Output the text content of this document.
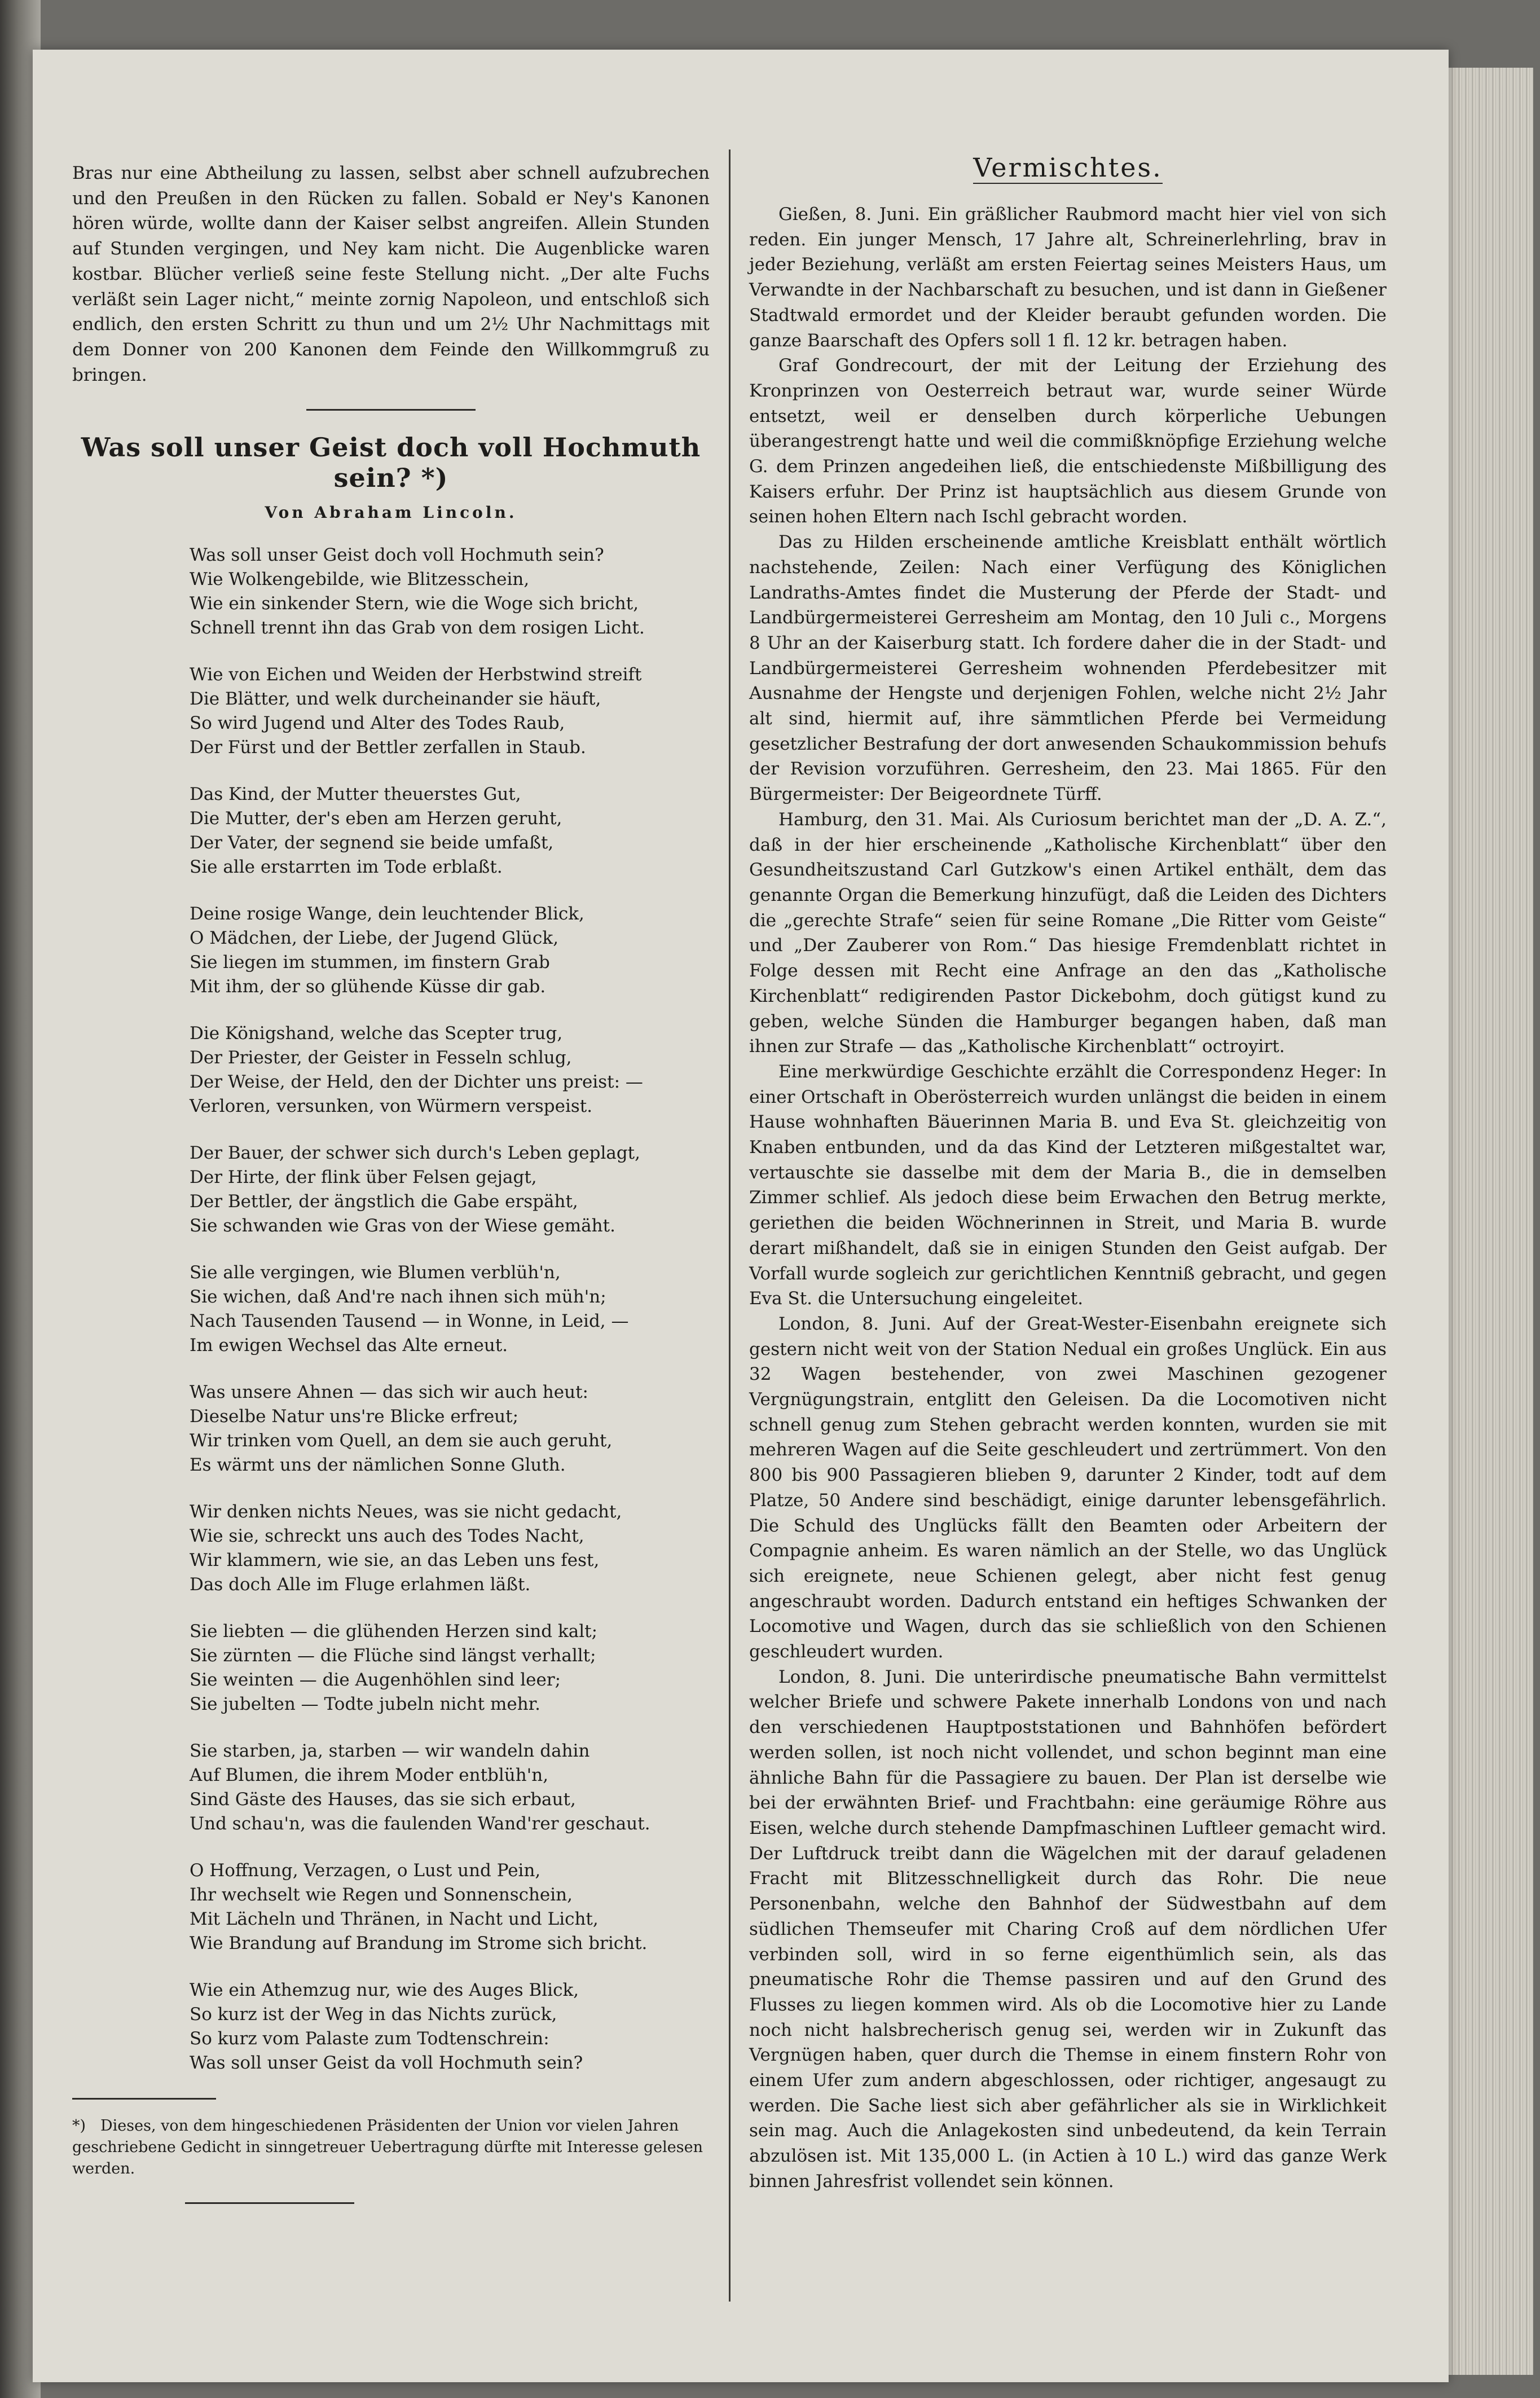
Bras nur eine Abtheilung zu lassen, selbst aber schnell aufzubrechen und den Preußen in den Rücken zu fallen. Sobald er Ney's Kanonen hören würde, wollte dann der Kaiser selbst angreifen. Allein Stunden auf Stunden vergingen, und Ney kam nicht. Die Augenblicke waren kostbar. Blücher verließ seine feste Stellung nicht. „Der alte Fuchs verläßt sein Lager nicht,“ meinte zornig Napoleon, und entschloß sich endlich, den ersten Schritt zu thun und um 2½ Uhr Nachmittags mit dem Donner von 200 Kanonen dem Feinde den Willkommgruß zu bringen.

Was soll unser Geist doch voll Hochmuth sein? *)
Von Abraham Lincoln.
Was soll unser Geist doch voll Hochmuth sein?
Wie Wolkengebilde, wie Blitzesschein,
Wie ein sinkender Stern, wie die Woge sich bricht,
Schnell trennt ihn das Grab von dem rosigen Licht.
Wie von Eichen und Weiden der Herbstwind streift
Die Blätter, und welk durcheinander sie häuft,
So wird Jugend und Alter des Todes Raub,
Der Fürst und der Bettler zerfallen in Staub.
Das Kind, der Mutter theuerstes Gut,
Die Mutter, der's eben am Herzen geruht,
Der Vater, der segnend sie beide umfaßt,
Sie alle erstarrten im Tode erblaßt.
Deine rosige Wange, dein leuchtender Blick,
O Mädchen, der Liebe, der Jugend Glück,
Sie liegen im stummen, im finstern Grab
Mit ihm, der so glühende Küsse dir gab.
Die Königshand, welche das Scepter trug,
Der Priester, der Geister in Fesseln schlug,
Der Weise, der Held, den der Dichter uns preist: —
Verloren, versunken, von Würmern verspeist.
Der Bauer, der schwer sich durch's Leben geplagt,
Der Hirte, der flink über Felsen gejagt,
Der Bettler, der ängstlich die Gabe erspäht,
Sie schwanden wie Gras von der Wiese gemäht.
Sie alle vergingen, wie Blumen verblüh'n,
Sie wichen, daß And're nach ihnen sich müh'n;
Nach Tausenden Tausend — in Wonne, in Leid, —
Im ewigen Wechsel das Alte erneut.
Was unsere Ahnen — das sich wir auch heut:
Dieselbe Natur uns're Blicke erfreut;
Wir trinken vom Quell, an dem sie auch geruht,
Es wärmt uns der nämlichen Sonne Gluth.
Wir denken nichts Neues, was sie nicht gedacht,
Wie sie, schreckt uns auch des Todes Nacht,
Wir klammern, wie sie, an das Leben uns fest,
Das doch Alle im Fluge erlahmen läßt.
Sie liebten — die glühenden Herzen sind kalt;
Sie zürnten — die Flüche sind längst verhallt;
Sie weinten — die Augenhöhlen sind leer;
Sie jubelten — Todte jubeln nicht mehr.
Sie starben, ja, starben — wir wandeln dahin
Auf Blumen, die ihrem Moder entblüh'n,
Sind Gäste des Hauses, das sie sich erbaut,
Und schau'n, was die faulenden Wand'rer geschaut.
O Hoffnung, Verzagen, o Lust und Pein,
Ihr wechselt wie Regen und Sonnenschein,
Mit Lächeln und Thränen, in Nacht und Licht,
Wie Brandung auf Brandung im Strome sich bricht.
Wie ein Athemzug nur, wie des Auges Blick,
So kurz ist der Weg in das Nichts zurück,
So kurz vom Palaste zum Todtenschrein:
Was soll unser Geist da voll Hochmuth sein?
*) Dieses, von dem hingeschiedenen Präsidenten der Union vor vielen Jahren geschriebene Gedicht in sinngetreuer Uebertragung dürfte mit Interesse gelesen werden.
Vermischtes.

Gießen, 8. Juni. Ein gräßlicher Raubmord macht hier viel von sich reden. Ein junger Mensch, 17 Jahre alt, Schreinerlehrling, brav in jeder Beziehung, verläßt am ersten Feiertag seines Meisters Haus, um Verwandte in der Nachbarschaft zu besuchen, und ist dann in Gießener Stadtwald ermordet und der Kleider beraubt gefunden worden. Die ganze Baarschaft des Opfers soll 1 fl. 12 kr. betragen haben.

Graf Gondrecourt, der mit der Leitung der Erziehung des Kronprinzen von Oesterreich betraut war, wurde seiner Würde entsetzt, weil er denselben durch körperliche Uebungen überangestrengt hatte und weil die commißknöpfige Erziehung welche G. dem Prinzen angedeihen ließ, die entschiedenste Mißbilligung des Kaisers erfuhr. Der Prinz ist hauptsächlich aus diesem Grunde von seinen hohen Eltern nach Ischl gebracht worden.

Das zu Hilden erscheinende amtliche Kreisblatt enthält wörtlich nachstehende, Zeilen: Nach einer Verfügung des Königlichen Landraths-Amtes findet die Musterung der Pferde der Stadt- und Landbürgermeisterei Gerresheim am Montag, den 10 Juli c., Morgens 8 Uhr an der Kaiserburg statt. Ich fordere daher die in der Stadt- und Landbürgermeisterei Gerresheim wohnenden Pferdebesitzer mit Ausnahme der Hengste und derjenigen Fohlen, welche nicht 2½ Jahr alt sind, hiermit auf, ihre sämmtlichen Pferde bei Vermeidung gesetzlicher Bestrafung der dort anwesenden Schaukommission behufs der Revision vorzuführen. Gerresheim, den 23. Mai 1865. Für den Bürgermeister: Der Beigeordnete Türff.

Hamburg, den 31. Mai. Als Curiosum berichtet man der „D. A. Z.“, daß in der hier erscheinende „Katholische Kirchenblatt“ über den Gesundheitszustand Carl Gutzkow's einen Artikel enthält, dem das genannte Organ die Bemerkung hinzufügt, daß die Leiden des Dichters die „gerechte Strafe“ seien für seine Romane „Die Ritter vom Geiste“ und „Der Zauberer von Rom.“ Das hiesige Fremdenblatt richtet in Folge dessen mit Recht eine Anfrage an den das „Katholische Kirchenblatt“ redigirenden Pastor Dickebohm, doch gütigst kund zu geben, welche Sünden die Hamburger begangen haben, daß man ihnen zur Strafe — das „Katholische Kirchenblatt“ octroyirt.

Eine merkwürdige Geschichte erzählt die Correspondenz Heger: In einer Ortschaft in Oberösterreich wurden unlängst die beiden in einem Hause wohnhaften Bäuerinnen Maria B. und Eva St. gleichzeitig von Knaben entbunden, und da das Kind der Letzteren mißgestaltet war, vertauschte sie dasselbe mit dem der Maria B., die in demselben Zimmer schlief. Als jedoch diese beim Erwachen den Betrug merkte, geriethen die beiden Wöchnerinnen in Streit, und Maria B. wurde derart mißhandelt, daß sie in einigen Stunden den Geist aufgab. Der Vorfall wurde sogleich zur gerichtlichen Kenntniß gebracht, und gegen Eva St. die Untersuchung eingeleitet.

London, 8. Juni. Auf der Great-Wester-Eisenbahn ereignete sich gestern nicht weit von der Station Nedual ein großes Unglück. Ein aus 32 Wagen bestehender, von zwei Maschinen gezogener Vergnügungstrain, entglitt den Geleisen. Da die Locomotiven nicht schnell genug zum Stehen gebracht werden konnten, wurden sie mit mehreren Wagen auf die Seite geschleudert und zertrümmert. Von den 800 bis 900 Passagieren blieben 9, darunter 2 Kinder, todt auf dem Platze, 50 Andere sind beschädigt, einige darunter lebensgefährlich. Die Schuld des Unglücks fällt den Beamten oder Arbeitern der Compagnie anheim. Es waren nämlich an der Stelle, wo das Unglück sich ereignete, neue Schienen gelegt, aber nicht fest genug angeschraubt worden. Dadurch entstand ein heftiges Schwanken der Locomotive und Wagen, durch das sie schließlich von den Schienen geschleudert wurden.

London, 8. Juni. Die unterirdische pneumatische Bahn vermittelst welcher Briefe und schwere Pakete innerhalb Londons von und nach den verschiedenen Hauptpoststationen und Bahnhöfen befördert werden sollen, ist noch nicht vollendet, und schon beginnt man eine ähnliche Bahn für die Passagiere zu bauen. Der Plan ist derselbe wie bei der erwähnten Brief- und Frachtbahn: eine geräumige Röhre aus Eisen, welche durch stehende Dampfmaschinen Luftleer gemacht wird. Der Luftdruck treibt dann die Wägelchen mit der darauf geladenen Fracht mit Blitzesschnelligkeit durch das Rohr. Die neue Personenbahn, welche den Bahnhof der Südwestbahn auf dem südlichen Themseufer mit Charing Croß auf dem nördlichen Ufer verbinden soll, wird in so ferne eigenthümlich sein, als das pneumatische Rohr die Themse passiren und auf den Grund des Flusses zu liegen kommen wird. Als ob die Locomotive hier zu Lande noch nicht halsbrecherisch genug sei, werden wir in Zukunft das Vergnügen haben, quer durch die Themse in einem finstern Rohr von einem Ufer zum andern abgeschlossen, oder richtiger, angesaugt zu werden. Die Sache liest sich aber gefährlicher als sie in Wirklichkeit sein mag. Auch die Anlagekosten sind unbedeutend, da kein Terrain abzulösen ist. Mit 135,000 L. (in Actien à 10 L.) wird das ganze Werk binnen Jahresfrist vollendet sein können.
